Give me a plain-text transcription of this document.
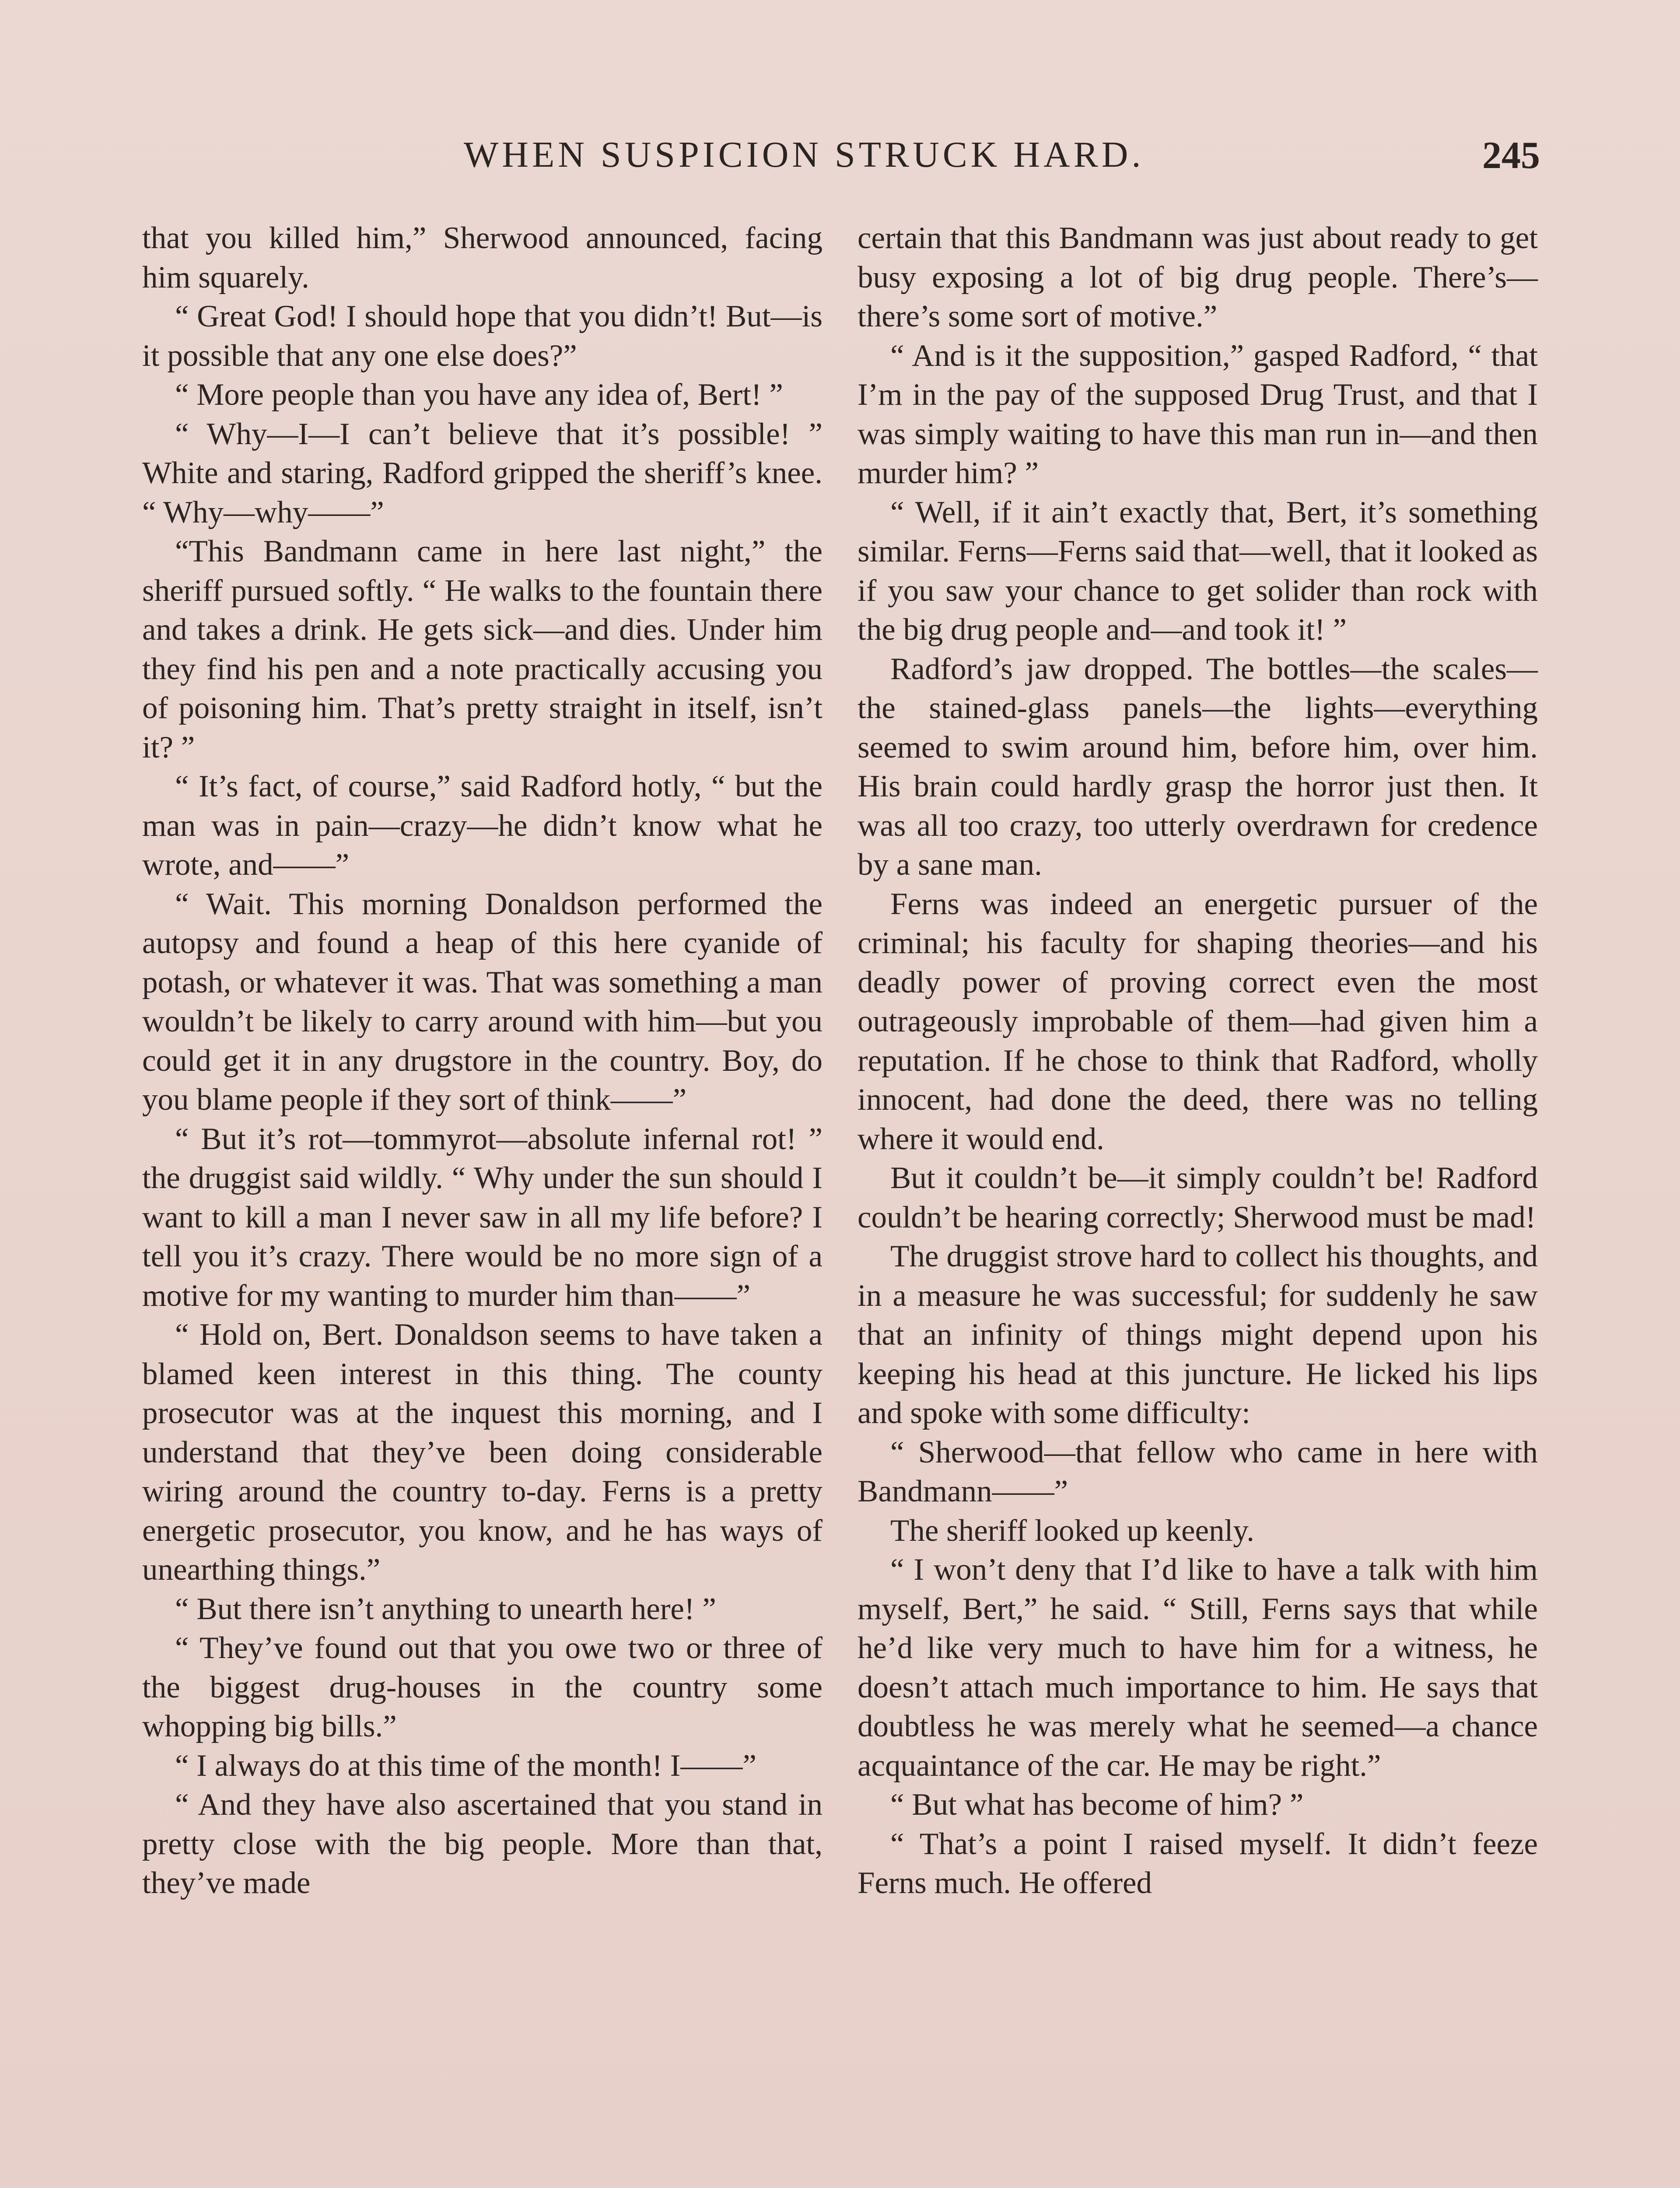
WHEN SUSPICION STRUCK HARD.	245

that you killed him,” Sherwood announced, facing him squarely.

“ Great God! I should hope that you didn’t! But—is it possible that any one else does?”

“ More people than you have any idea of, Bert! ”

“ Why—I—I can’t believe that it’s possible! ” White and staring, Radford gripped the sheriff’s knee. “ Why—why——”

“This Bandmann came in here last night,” the sheriff pursued softly. “ He walks to the fountain there and takes a drink. He gets sick—and dies. Under him they find his pen and a note practically accusing you of poisoning him. That’s pretty straight in itself, isn’t it? ”

“ It’s fact, of course,” said Radford hotly, “ but the man was in pain—crazy—he didn’t know what he wrote, and——”

“ Wait. This morning Donaldson performed the autopsy and found a heap of this here cyanide of potash, or whatever it was. That was something a man wouldn’t be likely to carry around with him—but you could get it in any drugstore in the country. Boy, do you blame people if they sort of think——”

“ But it’s rot—tommyrot—absolute infernal rot! ” the druggist said wildly. “ Why under the sun should I want to kill a man I never saw in all my life before? I tell you it’s crazy. There would be no more sign of a motive for my wanting to murder him than——”

“ Hold on, Bert. Donaldson seems to have taken a blamed keen interest in this thing. The county prosecutor was at the inquest this morning, and I understand that they’ve been doing considerable wiring around the country to-day. Ferns is a pretty energetic prosecutor, you know, and he has ways of unearthing things.”

“ But there isn’t anything to unearth here! ”

“ They’ve found out that you owe two or three of the biggest drug-houses in the country some whopping big bills.”

“ I always do at this time of the month! I——”

“ And they have also ascertained that you stand in pretty close with the big people. More than that, they’ve made

certain that this Bandmann was just about ready to get busy exposing a lot of big drug people. There’s—there’s some sort of motive.”

“ And is it the supposition,” gasped Radford, “ that I’m in the pay of the supposed Drug Trust, and that I was simply waiting to have this man run in—and then murder him? ”

“ Well, if it ain’t exactly that, Bert, it’s something similar. Ferns—Ferns said that—well, that it looked as if you saw your chance to get solider than rock with the big drug people and—and took it! ”

Radford’s jaw dropped. The bottles—the scales—the stained-glass panels—the lights—everything seemed to swim around him, before him, over him. His brain could hardly grasp the horror just then. It was all too crazy, too utterly overdrawn for credence by a sane man.

Ferns was indeed an energetic pursuer of the criminal; his faculty for shaping theories—and his deadly power of proving correct even the most outrageously improbable of them—had given him a reputation. If he chose to think that Radford, wholly innocent, had done the deed, there was no telling where it would end.

But it couldn’t be—it simply couldn’t be! Radford couldn’t be hearing correctly; Sherwood must be mad!

The druggist strove hard to collect his thoughts, and in a measure he was successful; for suddenly he saw that an infinity of things might depend upon his keeping his head at this juncture. He licked his lips and spoke with some difficulty:

“ Sherwood—that fellow who came in here with Bandmann——”

The sheriff looked up keenly.

“ I won’t deny that I’d like to have a talk with him myself, Bert,” he said. “ Still, Ferns says that while he’d like very much to have him for a witness, he doesn’t attach much importance to him. He says that doubtless he was merely what he seemed—a chance acquaintance of the car. He may be right.”

“ But what has become of him? ”

“ That’s a point I raised myself. It didn’t feeze Ferns much. He offered
